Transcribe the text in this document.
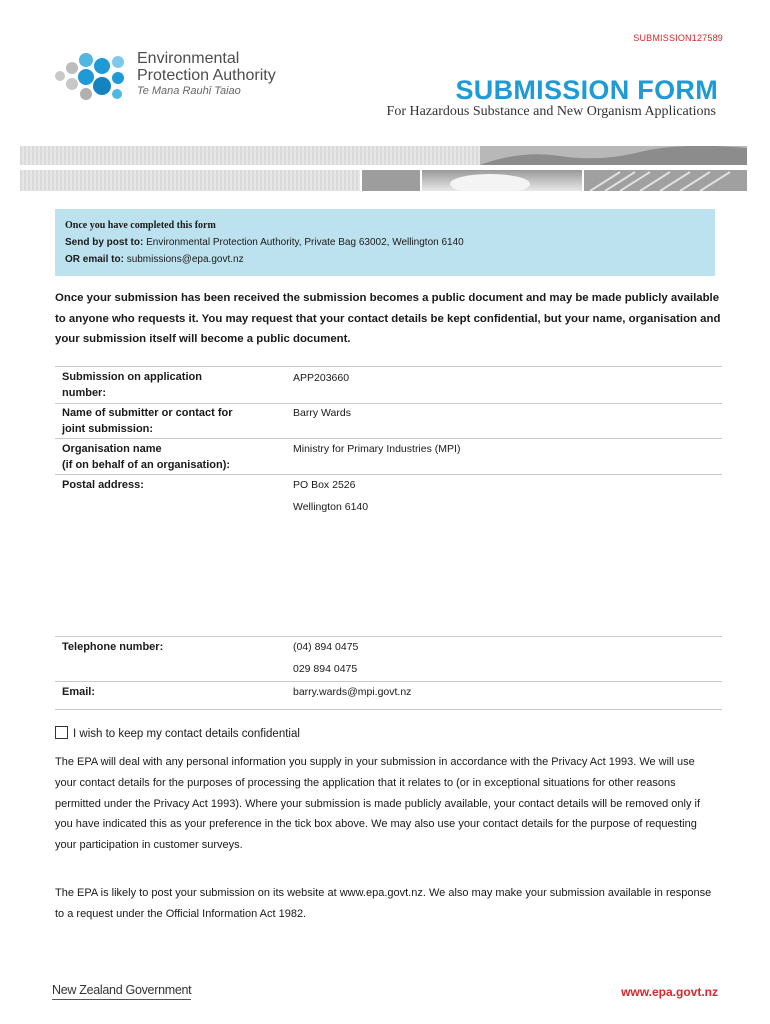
SUBMISSION127589
Environmental
Protection Authority
Te Mana Rauhī Taiao	SUBMISSION FORM
For Hazardous Substance and New Organism Applications
Once you have completed this form
Send by post to: Environmental Protection Authority, Private Bag 63002, Wellington 6140
OR email to: submissions@epa.govt.nz
Once your submission has been received the submission becomes a public document and may be made publicly available to anyone who requests it. You may request that your contact details be kept confidential, but your name, organisation and your submission itself will become a public document.
Submission on application
number:
APP203660
Name of submitter or contact for
joint submission:
Barry Wards
Organisation name
(if on behalf of an organisation):
Ministry for Primary Industries (MPI)
Postal address:	PO Box 2526
Wellington 6140
Telephone number:	(04) 894 0475
029 894 0475
Email:	barry.wards@mpi.govt.nz
I wish to keep my contact details confidential
The EPA will deal with any personal information you supply in your submission in accordance with the Privacy Act 1993. We will use your contact details for the purposes of processing the application that it relates to (or in exceptional situations for other reasons permitted under the Privacy Act 1993). Where your submission is made publicly available, your contact details will be removed only if you have indicated this as your preference in the tick box above. We may also use your contact details for the purpose of requesting your participation in customer surveys.
The EPA is likely to post your submission on its website at www.epa.govt.nz. We also may make your submission available in response to a request under the Official Information Act 1982.
New Zealand Government	www.epa.govt.nz
